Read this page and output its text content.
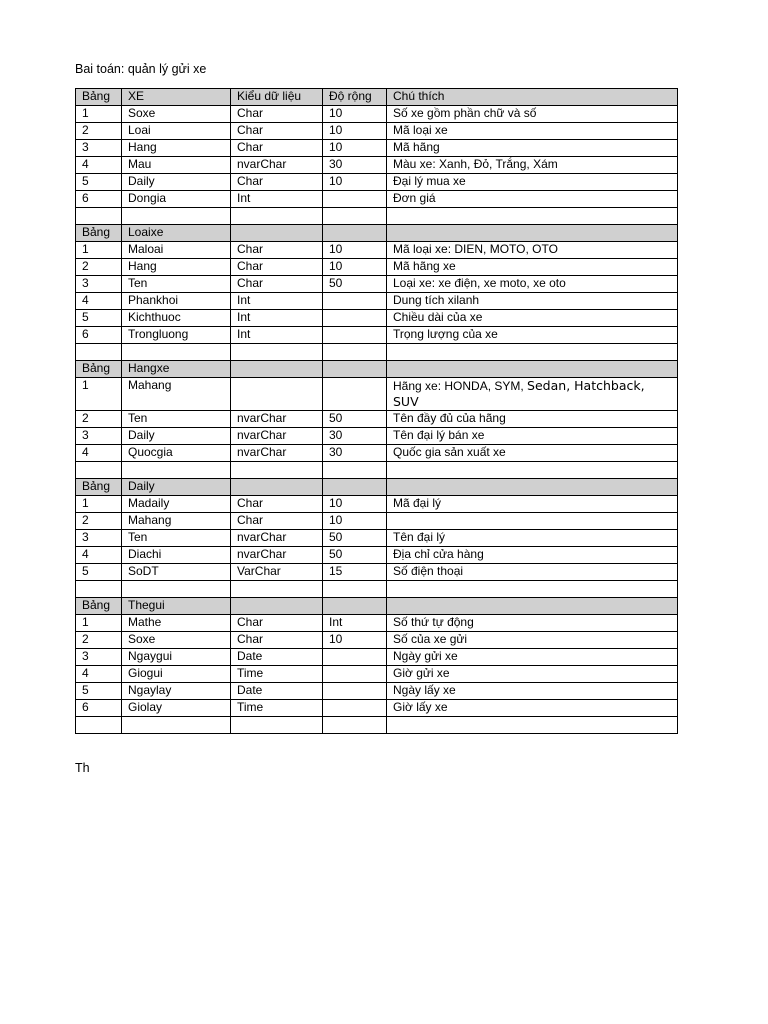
Bai toán: quản lý gửi xe
Bảng	XE	Kiểu dữ liệu	Độ rộng	Chú thích
1	Soxe	Char	10	Số xe gồm phần chữ và số
2	Loai	Char	10	Mã loại xe
3	Hang	Char	10	Mã hãng
4	Mau	nvarChar	30	Màu xe: Xanh, Đỏ, Trắng, Xám
5	Daily	Char	10	Đại lý mua xe
6	Dongia	Int		Đơn giá

Bảng	Loaixe			
1	Maloai	Char	10	Mã loại xe: DIEN, MOTO, OTO
2	Hang	Char	10	Mã hãng xe
3	Ten	Char	50	Loại xe: xe điện, xe moto, xe oto
4	Phankhoi	Int		Dung tích xilanh
5	Kichthuoc	Int		Chiều dài của xe
6	Trongluong	Int		Trọng lượng của xe

Bảng	Hangxe			
1	Mahang			Hãng xe: HONDA, SYM, Sedan, Hatchback, SUV
2	Ten	nvarChar	50	Tên đầy đủ của hãng
3	Daily	nvarChar	30	Tên đại lý bán xe
4	Quocgia	nvarChar	30	Quốc gia sản xuất xe

Bảng	Daily			
1	Madaily	Char	10	Mã đại lý
2	Mahang	Char	10	
3	Ten	nvarChar	50	Tên đại lý
4	Diachi	nvarChar	50	Địa chỉ cửa hàng
5	SoDT	VarChar	15	Số điện thoại

Bảng	Thegui			
1	Mathe	Char	Int	Số thứ tự động
2	Soxe	Char	10	Số của xe gửi
3	Ngaygui	Date		Ngày gửi xe
4	Giogui	Time		Giờ gửi xe
5	Ngaylay	Date		Ngày lấy xe
6	Giolay	Time		Giờ lấy xe

Th
